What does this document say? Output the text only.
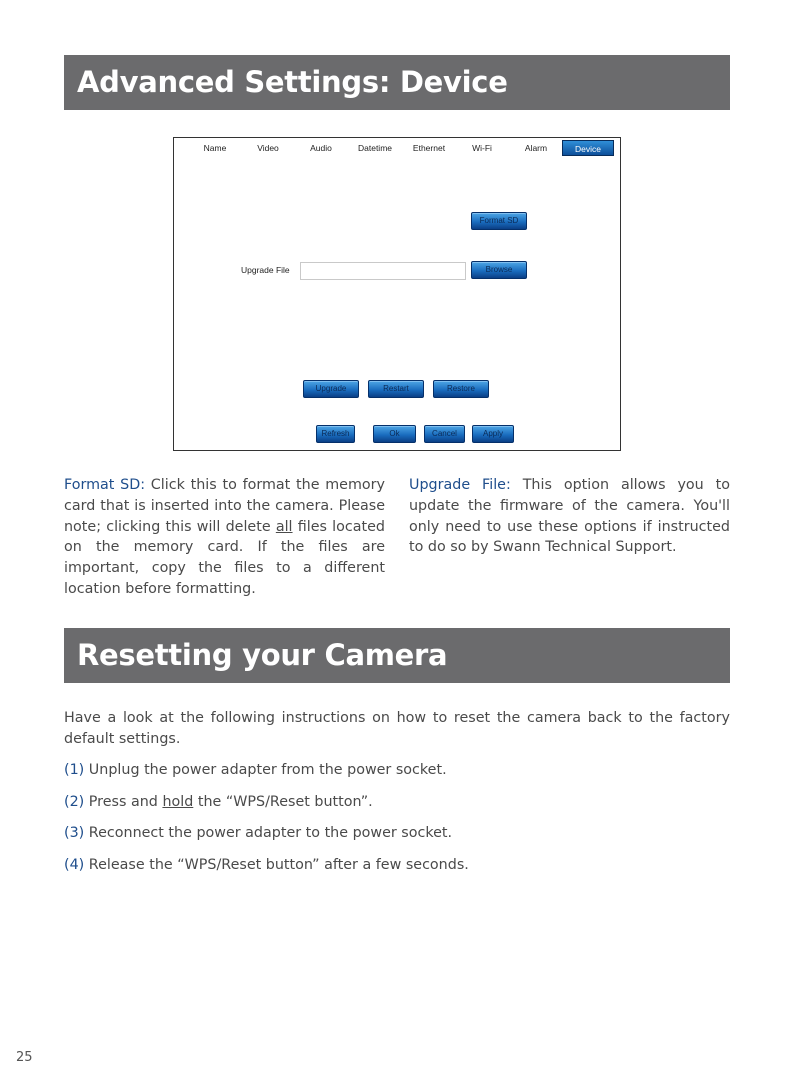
Advanced Settings: Device
Name	Video	Audio	Datetime	Ethernet	Wi-Fi	Alarm	Device
Format SD
Upgrade File	Browse
Upgrade	Restart	Restore
Refresh	Ok	Cancel	Apply

Format SD: Click this to format the memory card that is inserted into the camera. Please note; clicking this will delete all files located on the memory card. If the files are important, copy the files to a different location before formatting.

Upgrade File: This option allows you to update the firmware of the camera. You'll only need to use these options if instructed to do so by Swann Technical Support.

Resetting your Camera

Have a look at the following instructions on how to reset the camera back to the factory default settings.

(1) Unplug the power adapter from the power socket.
(2) Press and hold the “WPS/Reset button”.
(3) Reconnect the power adapter to the power socket.
(4) Release the “WPS/Reset button” after a few seconds.
25
